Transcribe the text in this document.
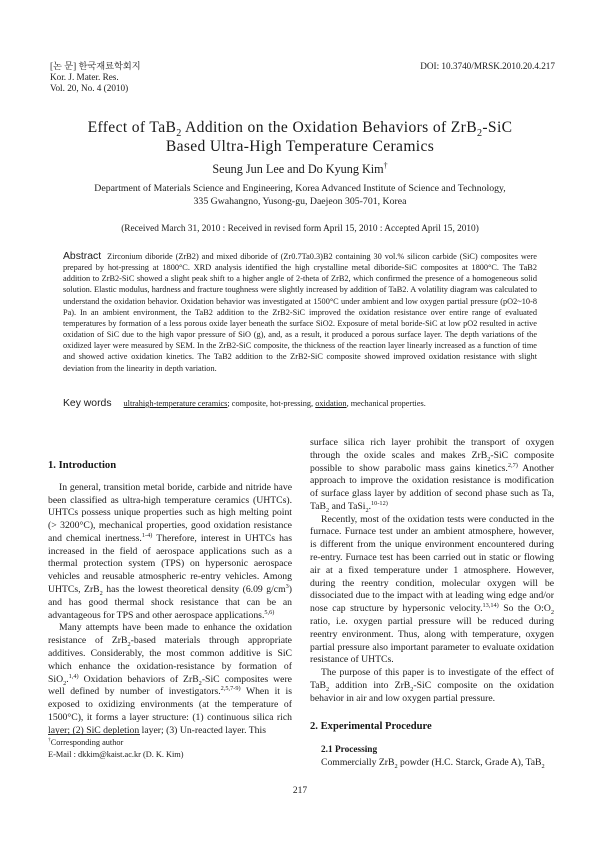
[논 문] 한국재료학회지
Kor. J. Mater. Res.
Vol. 20, No. 4 (2010)
DOI: 10.3740/MRSK.2010.20.4.217
Effect of TaB$_2$ Addition on the Oxidation Behaviors of ZrB$_2$-SiC
Based Ultra-High Temperature Ceramics
Seung Jun Lee and Do Kyung Kim†
Department of Materials Science and Engineering, Korea Advanced Institute of Science and Technology,
335 Gwahangno, Yusong-gu, Daejeon 305-701, Korea
(Received March 31, 2010 : Received in revised form April 15, 2010 : Accepted April 15, 2010)
Abstract Zirconium diboride (ZrB2) and mixed diboride of (Zr0.7Ta0.3)B2 containing 30 vol.% silicon carbide (SiC) composites were prepared by hot-pressing at 1800°C. XRD analysis identified the high crystalline metal diboride-SiC composites at 1800°C. The TaB2 addition to ZrB2-SiC showed a slight peak shift to a higher angle of 2-theta of ZrB2, which confirmed the presence of a homogeneous solid solution. Elastic modulus, hardness and fracture toughness were slightly increased by addition of TaB2. A volatility diagram was calculated to understand the oxidation behavior. Oxidation behavior was investigated at 1500°C under ambient and low oxygen partial pressure (pO2~10-8 Pa). In an ambient environment, the TaB2 addition to the ZrB2-SiC improved the oxidation resistance over entire range of evaluated temperatures by formation of a less porous oxide layer beneath the surface SiO2. Exposure of metal boride-SiC at low pO2 resulted in active oxidation of SiC due to the high vapor pressure of SiO (g), and, as a result, it produced a porous surface layer. The depth variations of the oxidized layer were measured by SEM. In the ZrB2-SiC composite, the thickness of the reaction layer linearly increased as a function of time and showed active oxidation kinetics. The TaB2 addition to the ZrB2-SiC composite showed improved oxidation resistance with slight deviation from the linearity in depth variation.
Key words ultrahigh-temperature ceramics; composite, hot-pressing, oxidation, mechanical properties.
1. Introduction

In general, transition metal boride, carbide and nitride have been classified as ultra-high temperature ceramics (UHTCs). UHTCs possess unique properties such as high melting point (> 3200°C), mechanical properties, good oxidation resistance and chemical inertness.$^{1-4)}$ Therefore, interest in UHTCs has increased in the field of aerospace applications such as a thermal protection system (TPS) on hypersonic aerospace vehicles and reusable atmospheric re-entry vehicles. Among UHTCs, ZrB$_2$ has the lowest theoretical density (6.09 $g/cm^3$) and has good thermal shock resistance that can be an advantageous for TPS and other aerospace applications.$^{5,6)}$

Many attempts have been made to enhance the oxidation resistance of ZrB$_2$-based materials through appropriate additives. Considerably, the most common additive is SiC which enhance the oxidation-resistance by formation of SiO$_2$.$^{1,4)}$ Oxidation behaviors of ZrB$_2$-SiC composites were well defined by number of investigators.$^{2,5,7-9)}$ When it is exposed to oxidizing environments (at the temperature of 1500°C), it forms a layer structure: (1) continuous silica rich layer; (2) SiC depletion layer; (3) Un-reacted layer. This

surface silica rich layer prohibit the transport of oxygen through the oxide scales and makes ZrB$_2$-SiC composite possible to show parabolic mass gains kinetics.$^{2,7)}$ Another approach to improve the oxidation resistance is modification of surface glass layer by addition of second phase such as Ta, TaB$_2$ and TaSi$_2$.$^{10-12)}$

Recently, most of the oxidation tests were conducted in the furnace. Furnace test under an ambient atmosphere, however, is different from the unique environment encountered during re-entry. Furnace test has been carried out in static or flowing air at a fixed temperature under 1 atmosphere. However, during the reentry condition, molecular oxygen will be dissociated due to the impact with at leading wing edge and/or nose cap structure by hypersonic velocity.$^{13,14)}$ So the $O:O_2$ ratio, i.e. oxygen partial pressure will be reduced during reentry environment. Thus, along with temperature, oxygen partial pressure also important parameter to evaluate oxidation resistance of UHTCs.

The purpose of this paper is to investigate of the effect of TaB$_2$ addition into ZrB$_2$-SiC composite on the oxidation behavior in air and low oxygen partial pressure.

2. Experimental Procedure
2.1 Processing

Commercially ZrB$_2$ powder (H.C. Starck, Grade A), TaB$_2$

†Corresponding author
E-Mail : dkkim@kaist.ac.kr (D. K. Kim)
217
